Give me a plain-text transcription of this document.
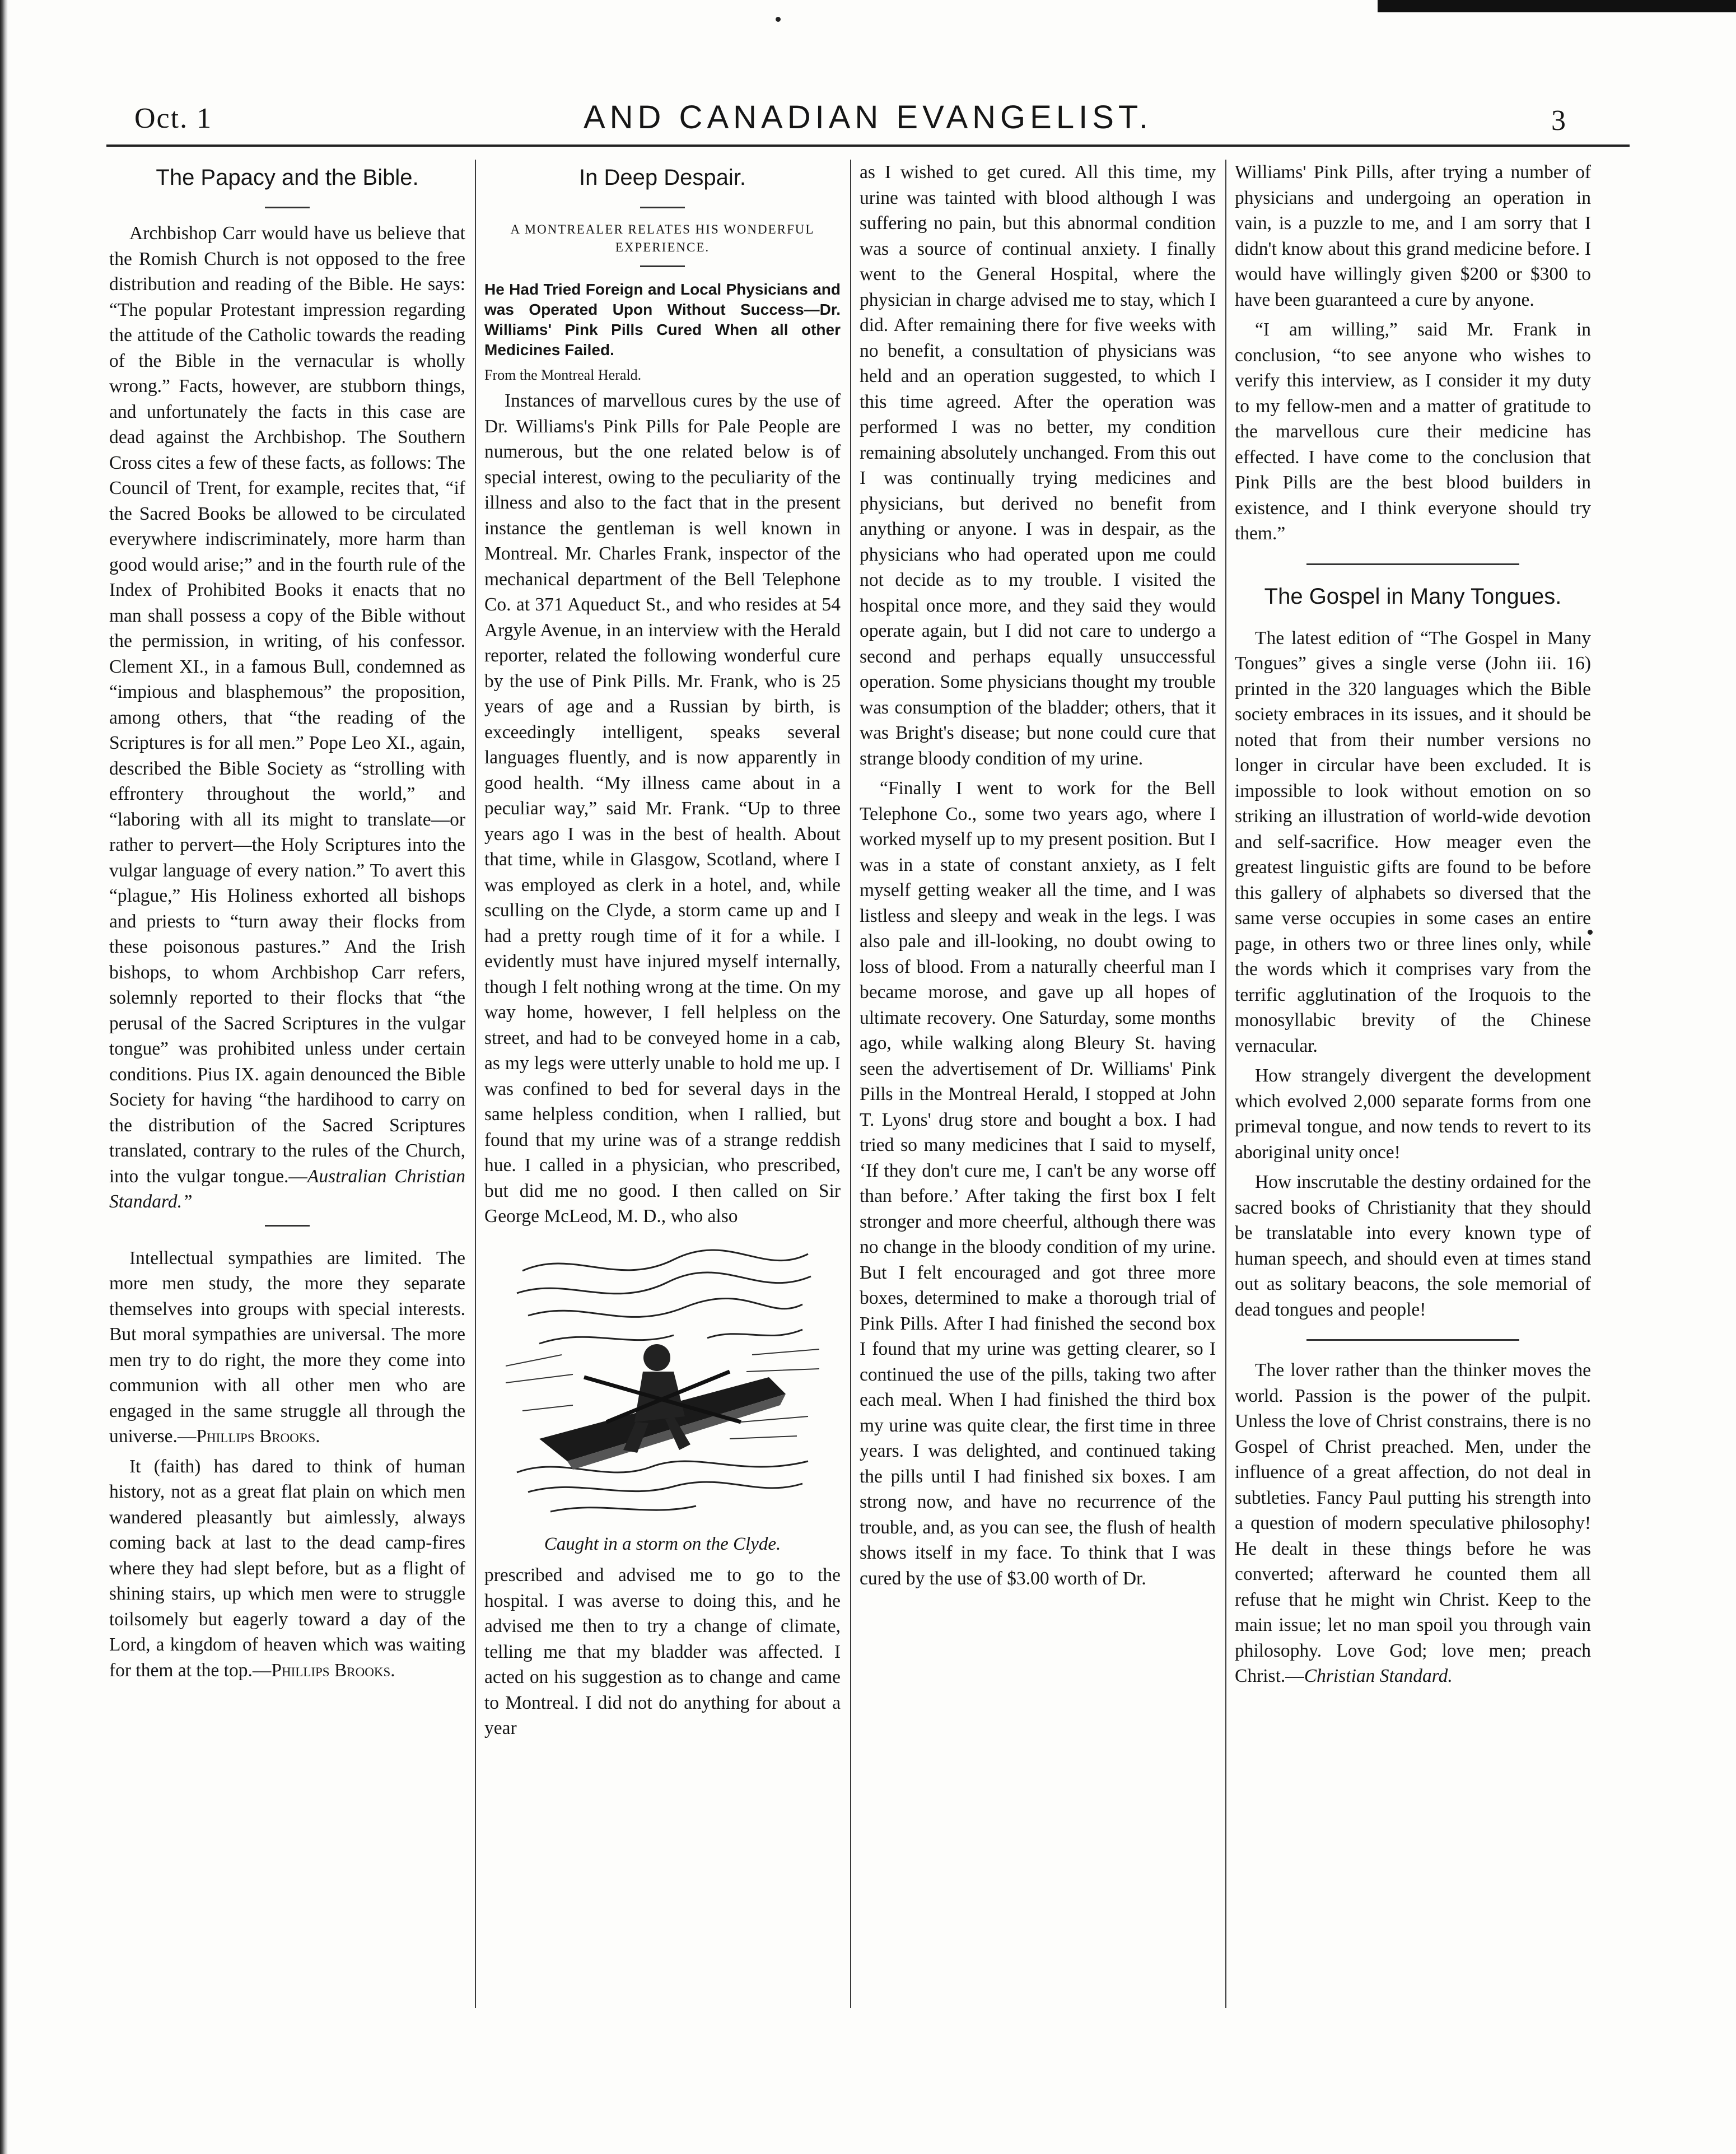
Oct. 1	AND CANADIAN EVANGELIST.	3
The Papacy and the Bible.

Archbishop Carr would have us believe that the Romish Church is not opposed to the free distribution and reading of the Bible. He says: “The popular Protestant impression regarding the attitude of the Catholic towards the reading of the Bible in the vernacular is wholly wrong.” Facts, however, are stubborn things, and unfortunately the facts in this case are dead against the Archbishop. The Southern Cross cites a few of these facts, as follows: The Council of Trent, for example, recites that, “if the Sacred Books be allowed to be circulated everywhere indiscriminately, more harm than good would arise;” and in the fourth rule of the Index of Prohibited Books it enacts that no man shall possess a copy of the Bible without the permission, in writing, of his confessor. Clement XI., in a famous Bull, condemned as “impious and blasphemous” the proposition, among others, that “the reading of the Scriptures is for all men.” Pope Leo XI., again, described the Bible Society as “strolling with effrontery throughout the world,” and “laboring with all its might to translate—or rather to pervert—the Holy Scriptures into the vulgar language of every nation.” To avert this “plague,” His Holiness exhorted all bishops and priests to “turn away their flocks from these poisonous pastures.” And the Irish bishops, to whom Archbishop Carr refers, solemnly reported to their flocks that “the perusal of the Sacred Scriptures in the vulgar tongue” was prohibited unless under certain conditions. Pius IX. again denounced the Bible Society for having “the hardihood to carry on the distribution of the Sacred Scriptures translated, contrary to the rules of the Church, into the vulgar tongue.—Australian Christian Standard.”

Intellectual sympathies are limited. The more men study, the more they separate themselves into groups with special interests. But moral sympathies are universal. The more men try to do right, the more they come into communion with all other men who are engaged in the same struggle all through the universe.—Phillips Brooks.

It (faith) has dared to think of human history, not as a great flat plain on which men wandered pleasantly but aimlessly, always coming back at last to the dead camp-fires where they had slept before, but as a flight of shining stairs, up which men were to struggle toilsomely but eagerly toward a day of the Lord, a kingdom of heaven which was waiting for them at the top.—Phillips Brooks.

In Deep Despair.
A MONTREALER RELATES HIS WONDERFUL EXPERIENCE.
He Had Tried Foreign and Local Physicians and was Operated Upon Without Success—Dr. Williams' Pink Pills Cured When all other Medicines Failed.
From the Montreal Herald.

Instances of marvellous cures by the use of Dr. Williams's Pink Pills for Pale People are numerous, but the one related below is of special interest, owing to the peculiarity of the illness and also to the fact that in the present instance the gentleman is well known in Montreal. Mr. Charles Frank, inspector of the mechanical department of the Bell Telephone Co. at 371 Aqueduct St., and who resides at 54 Argyle Avenue, in an interview with the Herald reporter, related the following wonderful cure by the use of Pink Pills. Mr. Frank, who is 25 years of age and a Russian by birth, is exceedingly intelligent, speaks several languages fluently, and is now apparently in good health. “My illness came about in a peculiar way,” said Mr. Frank. “Up to three years ago I was in the best of health. About that time, while in Glasgow, Scotland, where I was employed as clerk in a hotel, and, while sculling on the Clyde, a storm came up and I had a pretty rough time of it for a while. I evidently must have injured myself internally, though I felt nothing wrong at the time. On my way home, however, I fell helpless on the street, and had to be conveyed home in a cab, as my legs were utterly unable to hold me up. I was confined to bed for several days in the same helpless condition, when I rallied, but found that my urine was of a strange reddish hue. I called in a physician, who prescribed, but did me no good. I then called on Sir George McLeod, M. D., who also

Caught in a storm on the Clyde.

prescribed and advised me to go to the hospital. I was averse to doing this, and he advised me then to try a change of climate, telling me that my bladder was affected. I acted on his suggestion as to change and came to Montreal. I did not do anything for about a year

as I wished to get cured. All this time, my urine was tainted with blood although I was suffering no pain, but this abnormal condition was a source of continual anxiety. I finally went to the General Hospital, where the physician in charge advised me to stay, which I did. After remaining there for five weeks with no benefit, a consultation of physicians was held and an operation suggested, to which I this time agreed. After the operation was performed I was no better, my condition remaining absolutely unchanged. From this out I was continually trying medicines and physicians, but derived no benefit from anything or anyone. I was in despair, as the physicians who had operated upon me could not decide as to my trouble. I visited the hospital once more, and they said they would operate again, but I did not care to undergo a second and perhaps equally unsuccessful operation. Some physicians thought my trouble was consumption of the bladder; others, that it was Bright's disease; but none could cure that strange bloody condition of my urine.

“Finally I went to work for the Bell Telephone Co., some two years ago, where I worked myself up to my present position. But I was in a state of constant anxiety, as I felt myself getting weaker all the time, and I was listless and sleepy and weak in the legs. I was also pale and ill-looking, no doubt owing to loss of blood. From a naturally cheerful man I became morose, and gave up all hopes of ultimate recovery. One Saturday, some months ago, while walking along Bleury St. having seen the advertisement of Dr. Williams' Pink Pills in the Montreal Herald, I stopped at John T. Lyons' drug store and bought a box. I had tried so many medicines that I said to myself, ‘If they don't cure me, I can't be any worse off than before.’ After taking the first box I felt stronger and more cheerful, although there was no change in the bloody condition of my urine. But I felt encouraged and got three more boxes, determined to make a thorough trial of Pink Pills. After I had finished the second box I found that my urine was getting clearer, so I continued the use of the pills, taking two after each meal. When I had finished the third box my urine was quite clear, the first time in three years. I was delighted, and continued taking the pills until I had finished six boxes. I am strong now, and have no recurrence of the trouble, and, as you can see, the flush of health shows itself in my face. To think that I was cured by the use of $3.00 worth of Dr.

Williams' Pink Pills, after trying a number of physicians and undergoing an operation in vain, is a puzzle to me, and I am sorry that I didn't know about this grand medicine before. I would have willingly given $200 or $300 to have been guaranteed a cure by anyone.

“I am willing,” said Mr. Frank in conclusion, “to see anyone who wishes to verify this interview, as I consider it my duty to my fellow-men and a matter of gratitude to the marvellous cure their medicine has effected. I have come to the conclusion that Pink Pills are the best blood builders in existence, and I think everyone should try them.”

The Gospel in Many Tongues.

The latest edition of “The Gospel in Many Tongues” gives a single verse (John iii. 16) printed in the 320 languages which the Bible society embraces in its issues, and it should be noted that from their number versions no longer in circular have been excluded. It is impossible to look without emotion on so striking an illustration of world-wide devotion and self-sacrifice. How meager even the greatest linguistic gifts are found to be before this gallery of alphabets so diversed that the same verse occupies in some cases an entire page, in others two or three lines only, while the words which it comprises vary from the terrific agglutination of the Iroquois to the monosyllabic brevity of the Chinese vernacular.

How strangely divergent the development which evolved 2,000 separate forms from one primeval tongue, and now tends to revert to its aboriginal unity once!

How inscrutable the destiny ordained for the sacred books of Christianity that they should be translatable into every known type of human speech, and should even at times stand out as solitary beacons, the sole memorial of dead tongues and people!

The lover rather than the thinker moves the world. Passion is the power of the pulpit. Unless the love of Christ constrains, there is no Gospel of Christ preached. Men, under the influence of a great affection, do not deal in subtleties. Fancy Paul putting his strength into a question of modern speculative philosophy! He dealt in these things before he was converted; afterward he counted them all refuse that he might win Christ. Keep to the main issue; let no man spoil you through vain philosophy. Love God; love men; preach Christ.—Christian Standard.
